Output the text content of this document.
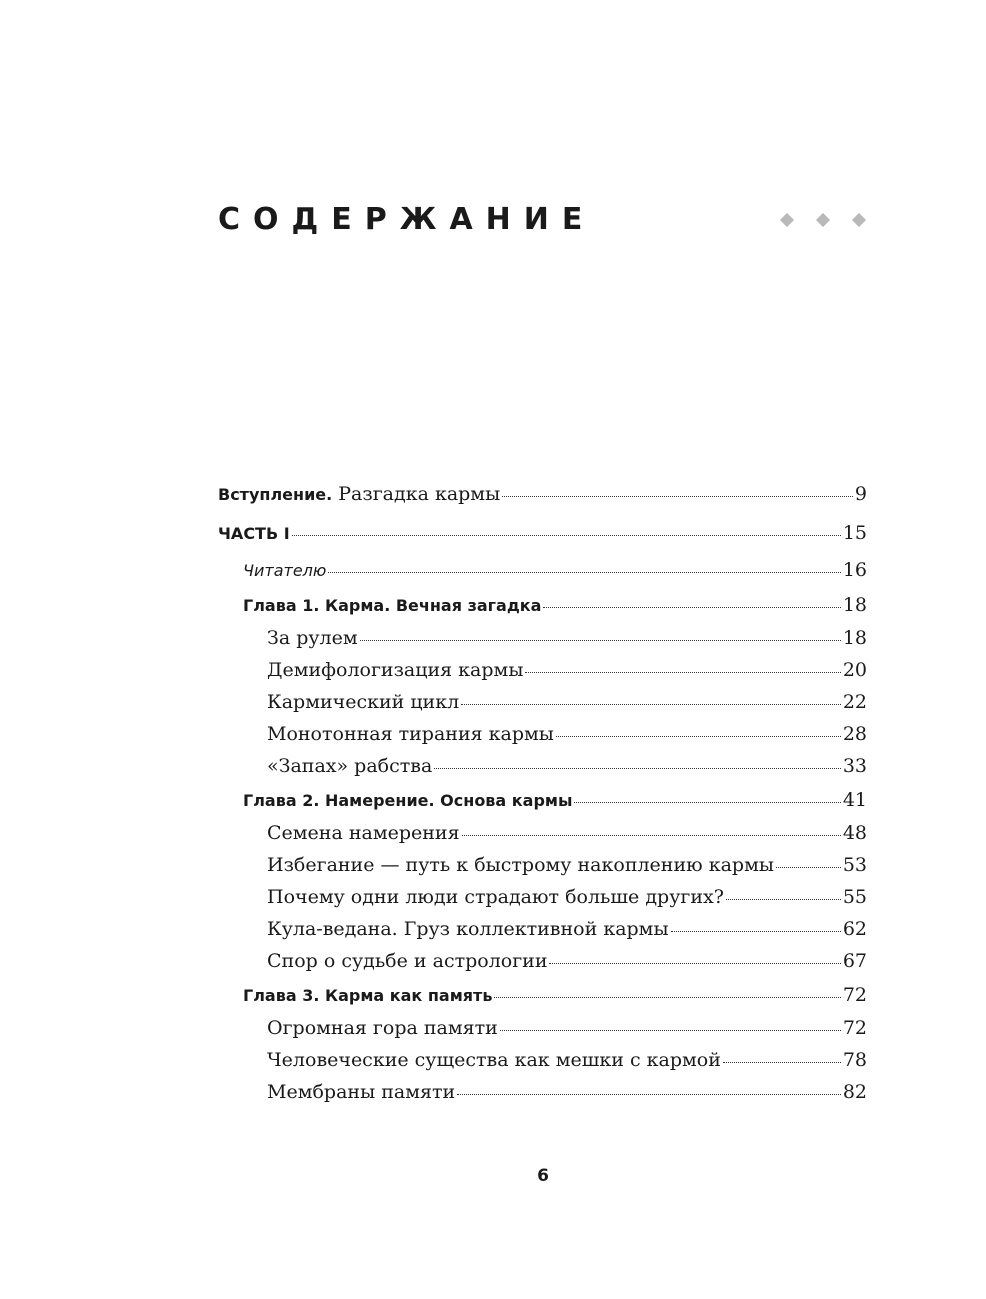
СОДЕРЖАНИЕ
Вступление. Разгадка кармы	9
ЧАСТЬ I	15
Читателю	16
Глава 1. Карма. Вечная загадка	18
За рулем	18
Демифологизация кармы	20
Кармический цикл	22
Монотонная тирания кармы	28
«Запах» рабства	33
Глава 2. Намерение. Основа кармы	41
Семена намерения	48
Избегание — путь к быстрому накоплению кармы	53
Почему одни люди страдают больше других?	55
Кула-ведана. Груз коллективной кармы	62
Спор о судьбе и астрологии	67
Глава 3. Карма как память	72
Огромная гора памяти	72
Человеческие существа как мешки с кармой	78
Мембраны памяти	82
6
